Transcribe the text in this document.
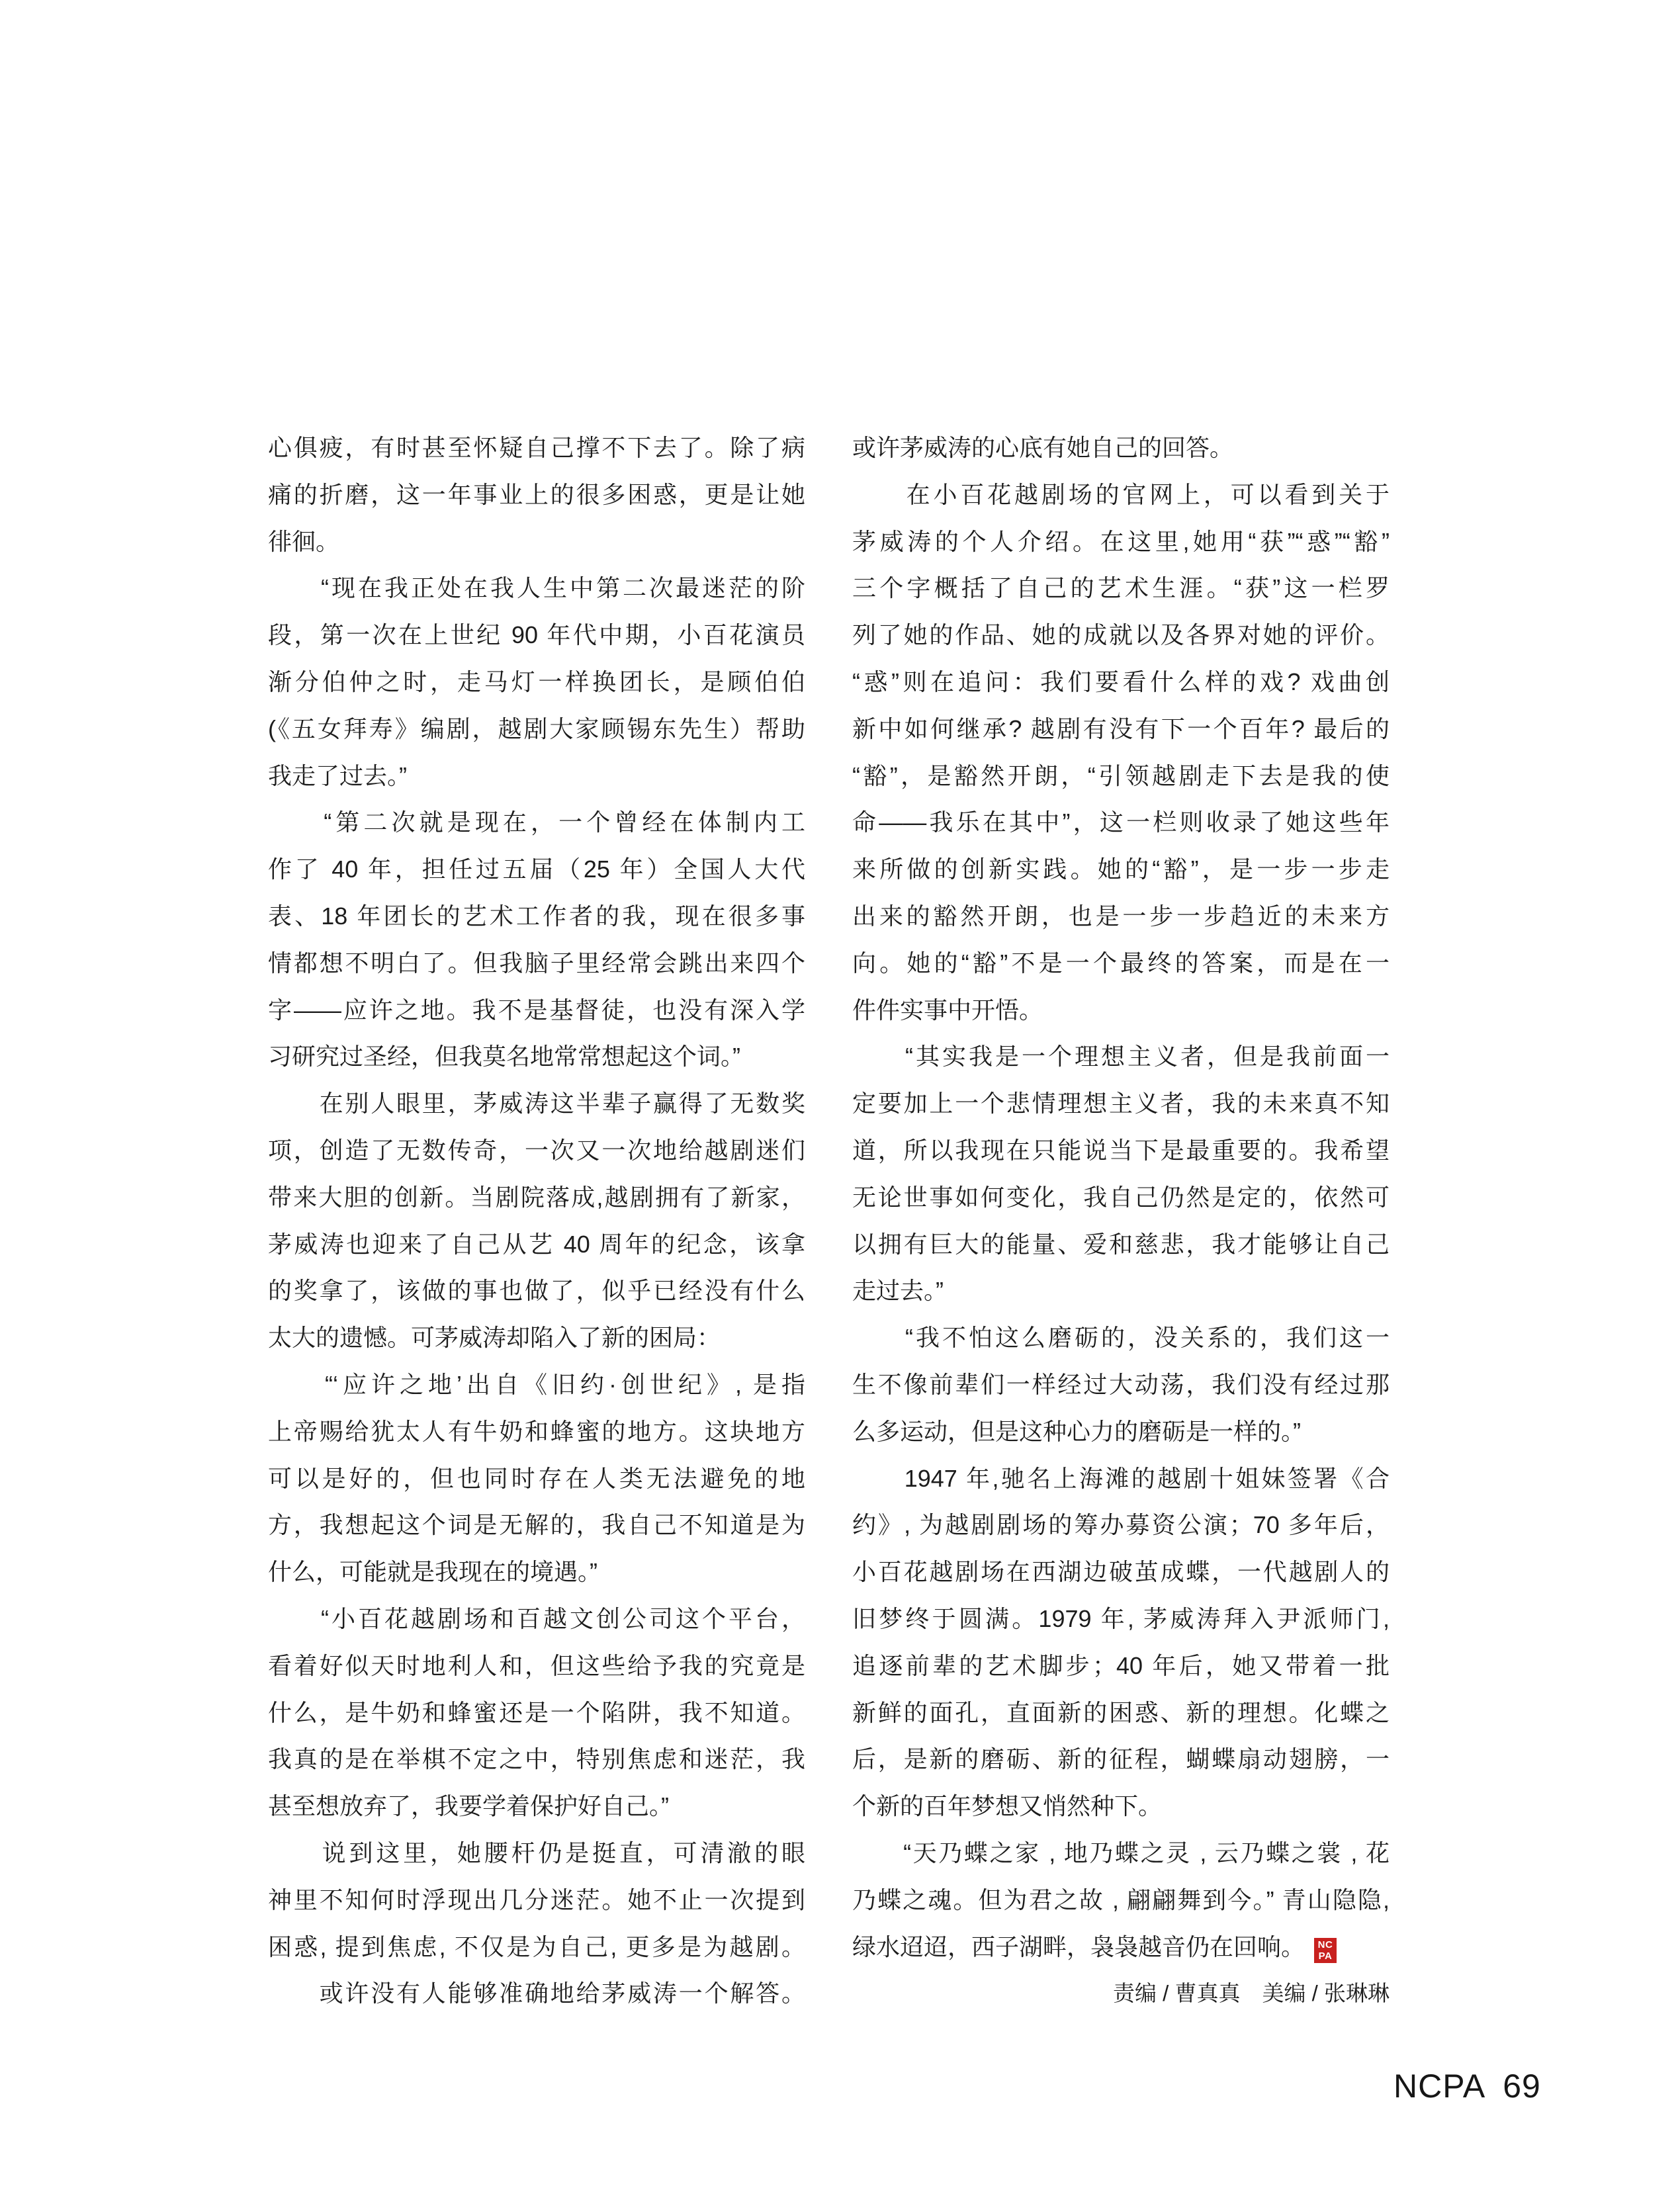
心俱疲，有时甚至怀疑自己撑不下去了。除了病
痛的折磨，这一年事业上的很多困惑，更是让她
徘徊。
　　“现在我正处在我人生中第二次最迷茫的阶
段，第一次在上世纪 90 年代中期，小百花演员
渐分伯仲之时，走马灯一样换团长，是顾伯伯
(《五女拜寿》编剧，越剧大家顾锡东先生）帮助
我走了过去。”
　　“第二次就是现在，一个曾经在体制内工
作了 40 年，担任过五届（25 年）全国人大代
表、18 年团长的艺术工作者的我，现在很多事
情都想不明白了。但我脑子里经常会跳出来四个
字——应许之地。我不是基督徒，也没有深入学
习研究过圣经，但我莫名地常常想起这个词。”
　　在别人眼里，茅威涛这半辈子赢得了无数奖
项，创造了无数传奇，一次又一次地给越剧迷们
带来大胆的创新。当剧院落成,越剧拥有了新家，
茅威涛也迎来了自己从艺 40 周年的纪念，该拿
的奖拿了，该做的事也做了，似乎已经没有什么
太大的遗憾。可茅威涛却陷入了新的困局：
　　“‘应许之地’出自《旧约·创世纪》, 是指
上帝赐给犹太人有牛奶和蜂蜜的地方。这块地方
可以是好的，但也同时存在人类无法避免的地
方，我想起这个词是无解的，我自己不知道是为
什么，可能就是我现在的境遇。”
　　“小百花越剧场和百越文创公司这个平台，
看着好似天时地利人和，但这些给予我的究竟是
什么，是牛奶和蜂蜜还是一个陷阱，我不知道。
我真的是在举棋不定之中，特别焦虑和迷茫，我
甚至想放弃了，我要学着保护好自己。”
　　说到这里，她腰杆仍是挺直，可清澈的眼
神里不知何时浮现出几分迷茫。她不止一次提到
困惑, 提到焦虑, 不仅是为自己, 更多是为越剧。
　　或许没有人能够准确地给茅威涛一个解答。
或许茅威涛的心底有她自己的回答。
　　在小百花越剧场的官网上，可以看到关于
茅威涛的个人介绍。在这里,她用“获”“惑”“豁”
三个字概括了自己的艺术生涯。“获”这一栏罗
列了她的作品、她的成就以及各界对她的评价。
“惑”则在追问：我们要看什么样的戏? 戏曲创
新中如何继承? 越剧有没有下一个百年? 最后的
“豁”，是豁然开朗，“引领越剧走下去是我的使
命——我乐在其中”，这一栏则收录了她这些年
来所做的创新实践。她的“豁”，是一步一步走
出来的豁然开朗，也是一步一步趋近的未来方
向。她的“豁”不是一个最终的答案，而是在一
件件实事中开悟。
　　“其实我是一个理想主义者，但是我前面一
定要加上一个悲情理想主义者，我的未来真不知
道，所以我现在只能说当下是最重要的。我希望
无论世事如何变化，我自己仍然是定的，依然可
以拥有巨大的能量、爱和慈悲，我才能够让自己
走过去。”
　　“我不怕这么磨砺的，没关系的，我们这一
生不像前辈们一样经过大动荡，我们没有经过那
么多运动，但是这种心力的磨砺是一样的。”
　　1947 年,驰名上海滩的越剧十姐妹签署《合
约》, 为越剧剧场的筹办募资公演；70 多年后，
小百花越剧场在西湖边破茧成蝶，一代越剧人的
旧梦终于圆满。1979 年, 茅威涛拜入尹派师门,
追逐前辈的艺术脚步；40 年后，她又带着一批
新鲜的面孔，直面新的困惑、新的理想。化蝶之
后，是新的磨砺、新的征程，蝴蝶扇动翅膀，一
个新的百年梦想又悄然种下。
　　“天乃蝶之家 , 地乃蝶之灵 , 云乃蝶之裳 , 花
乃蝶之魂。但为君之故 , 翩翩舞到今。” 青山隐隐,
绿水迢迢，西子湖畔，袅袅越音仍在回响。 NC
PA
责编 / 曹真真　美编 / 张琳琳
NCPA 69
